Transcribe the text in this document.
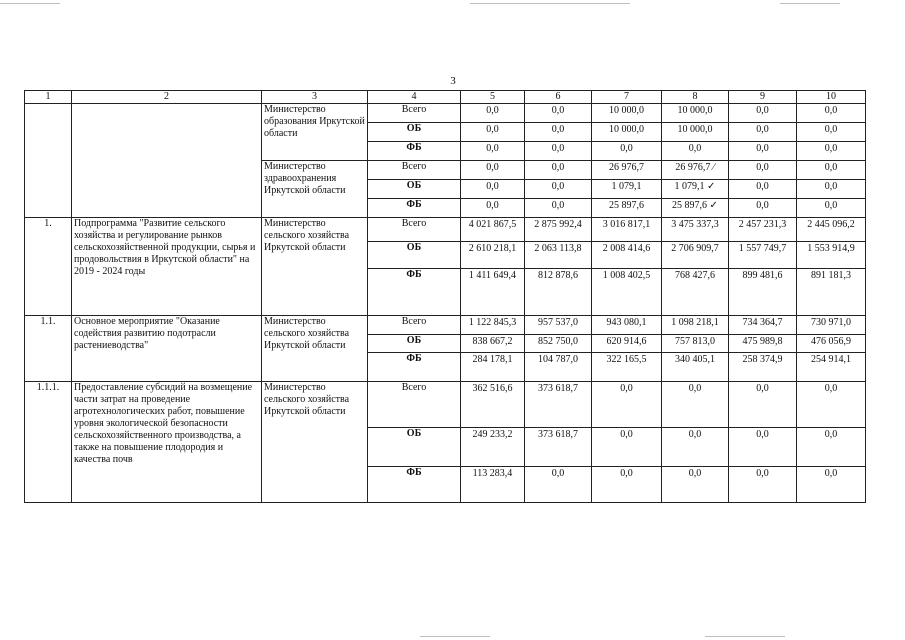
3
1	2	3	4	5	6	7	8	9	10
		Министерство образования Иркутской области	Всего	0,0	0,0	10 000,0	10 000,0	0,0	0,0
			ОБ	0,0	0,0	10 000,0	10 000,0	0,0	0,0
			ФБ	0,0	0,0	0,0	0,0	0,0	0,0
		Министерство здравоохранения Иркутской области	Всего	0,0	0,0	26 976,7	26 976,7 ⁄	0,0	0,0
			ОБ	0,0	0,0	1 079,1	1 079,1 ✓	0,0	0,0
			ФБ	0,0	0,0	25 897,6	25 897,6 ✓	0,0	0,0
1.	Подпрограмма "Развитие сельского хозяйства и регулирование рынков сельскохозяйственной продукции, сырья и продовольствия в Иркутской области" на 2019 - 2024 годы	Министерство сельского хозяйства Иркутской области	Всего	4 021 867,5	2 875 992,4	3 016 817,1	3 475 337,3	2 457 231,3	2 445 096,2
			ОБ	2 610 218,1	2 063 113,8	2 008 414,6	2 706 909,7	1 557 749,7	1 553 914,9
			ФБ	1 411 649,4	812 878,6	1 008 402,5	768 427,6	899 481,6	891 181,3
1.1.	Основное мероприятие "Оказание содействия развитию подотрасли растениеводства"	Министерство сельского хозяйства Иркутской области	Всего	1 122 845,3	957 537,0	943 080,1	1 098 218,1	734 364,7	730 971,0
			ОБ	838 667,2	852 750,0	620 914,6	757 813,0	475 989,8	476 056,9
			ФБ	284 178,1	104 787,0	322 165,5	340 405,1	258 374,9	254 914,1
1.1.1.	Предоставление субсидий на возмещение части затрат на проведение агротехнологических работ, повышение уровня экологической безопасности сельскохозяйственного производства, а также на повышение плодородия и качества почв	Министерство сельского хозяйства Иркутской области	Всего	362 516,6	373 618,7	0,0	0,0	0,0	0,0
			ОБ	249 233,2	373 618,7	0,0	0,0	0,0	0,0
			ФБ	113 283,4	0,0	0,0	0,0	0,0	0,0
